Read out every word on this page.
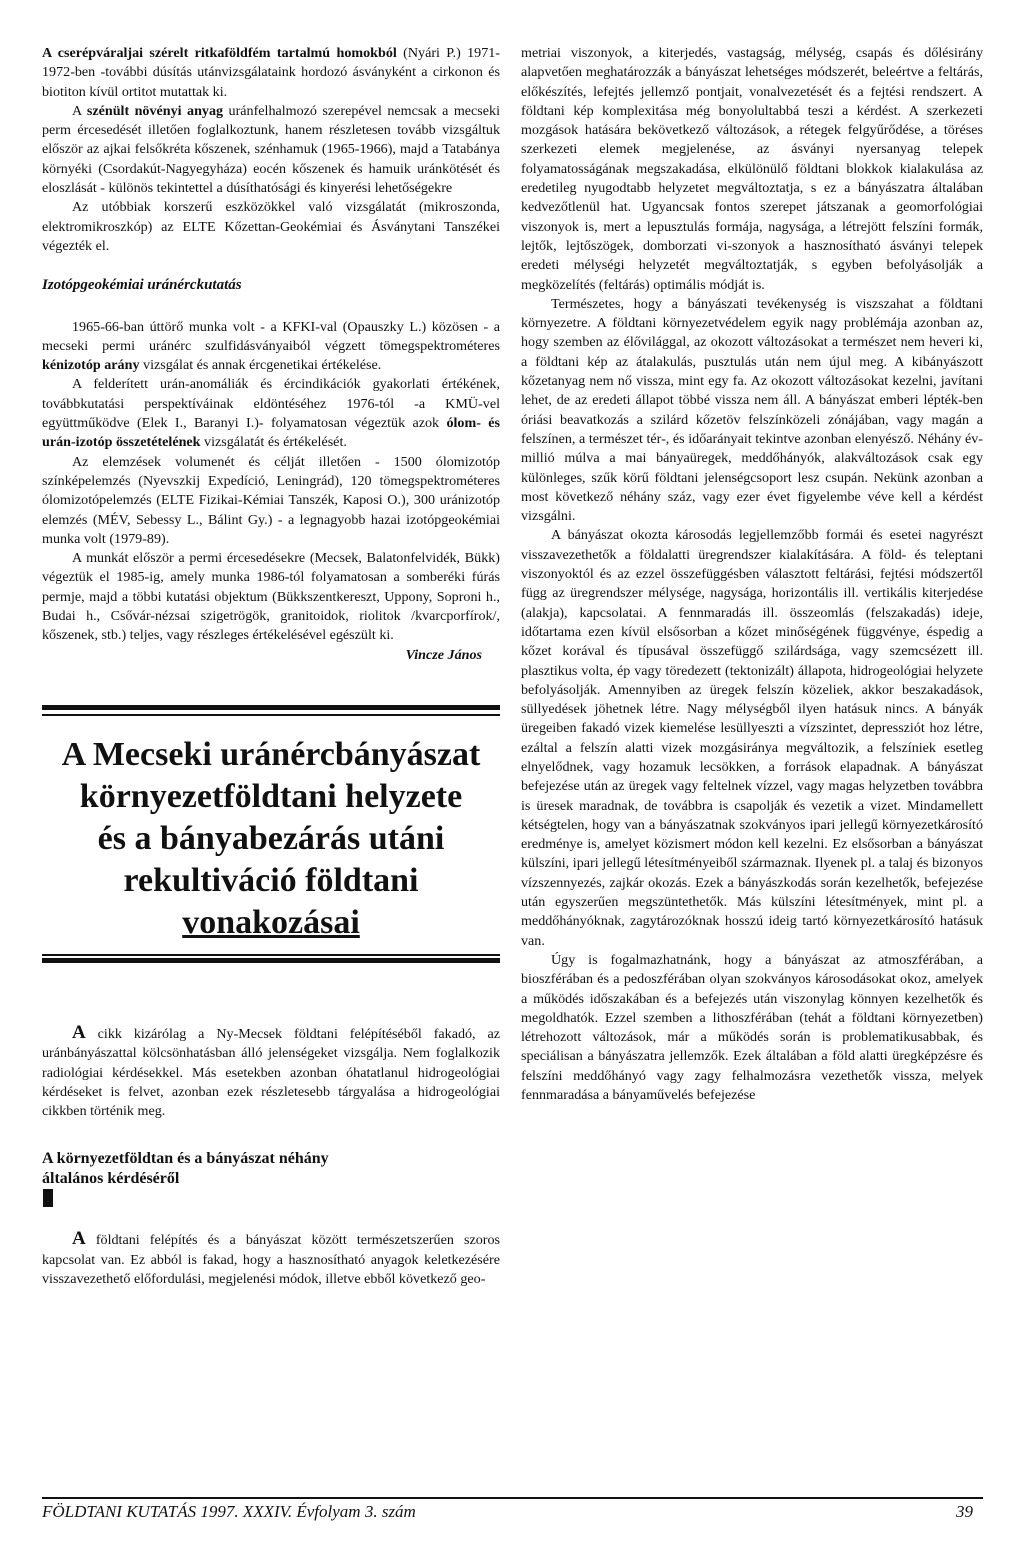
A cserépváraljai szérelt ritkaföldfém tartalmú homokból (Nyári P.) 1971-1972-ben -további dúsítás utánvizsgálataink hordozó ásványként a cirkonon és biotiton kívül ortitot mutattak ki.

A szénült növényi anyag uránfelhalmozó szerepével nemcsak a mecseki perm ércesedését illetően foglalkoztunk, hanem részletesen tovább vizsgáltuk először az ajkai felsőkréta kőszenek, szénhamuk (1965-1966), majd a Tatabánya környéki (Csordakút-Nagyegyháza) eocén kőszenek és hamuik uránkötését és eloszlását - különös tekintettel a dúsíthatósági és kinyerési lehetőségekre

Az utóbbiak korszerű eszközökkel való vizsgálatát (mikroszonda, elektromikroszkóp) az ELTE Kőzettan-Geokémiai és Ásványtani Tanszékei végezték el.

Izotópgeokémiai uránérckutatás

1965-66-ban úttörő munka volt - a KFKI-val (Opauszky L.) közösen - a mecseki permi uránérc szulfidásványaiból végzett tömegspektrométeres kénizotóp arány vizsgálat és annak ércgenetikai értékelése.

A felderített urán-anomáliák és ércindikációk gyakorlati értékének, továbbkutatási perspektíváinak eldöntéséhez 1976-tól -a KMÜ-vel együttműködve (Elek I., Baranyi I.)- folyamatosan végeztük azok ólom- és urán-izotóp összetételének vizsgálatát és értékelését.

Az elemzések volumenét és célját illetően - 1500 ólomizotóp színképelemzés (Nyevszkij Expedíció, Leningrád), 120 tömegspektrométeres ólomizotópelemzés (ELTE Fizikai-Kémiai Tanszék, Kaposi O.), 300 uránizotóp elemzés (MÉV, Sebessy L., Bálint Gy.) - a legnagyobb hazai izotópgeokémiai munka volt (1979-89).

A munkát először a permi ércesedésekre (Mecsek, Balatonfelvidék, Bükk) végeztük el 1985-ig, amely munka 1986-tól folyamatosan a somberéki fúrás permje, majd a többi kutatási objektum (Bükkszentkereszt, Uppony, Soproni h., Budai h., Csővár-nézsai szigetrögök, granitoidok, riolitok /kvarcporfírok/, kőszenek, stb.) teljes, vagy részleges értékelésével egészült ki.

Vincze János

A Mecseki uránércbányászat
környezetföldtani helyzete
és a bányabezárás utáni
rekultiváció földtani
vonakozásai

A cikk kizárólag a Ny-Mecsek földtani felépítéséből fakadó, az uránbányászattal kölcsönhatásban álló jelenségeket vizsgálja. Nem foglalkozik radiológiai kérdésekkel. Más esetekben azonban óhatatlanul hidrogeológiai kérdéseket is felvet, azonban ezek részletesebb tárgyalása a hidrogeológiai cikkben történik meg.

A környezetföldtan és a bányászat néhány
általános kérdéséről

A földtani felépítés és a bányászat között természetszerűen szoros kapcsolat van. Ez abból is fakad, hogy a hasznosítható anyagok keletkezésére visszavezethető előfordulási, megjelenési módok, illetve ebből következő geo-

metriai viszonyok, a kiterjedés, vastagság, mélység, csapás és dőlésirány alapvetően meghatározzák a bányászat lehetséges módszerét, beleértve a feltárás, előkészítés, lefejtés jellemző pontjait, vonalvezetését és a fejtési rendszert. A földtani kép komplexitása még bonyolultabbá teszi a kérdést. A szerkezeti mozgások hatására bekövetkező változások, a rétegek felgyűrődése, a töréses szerkezeti elemek megjelenése, az ásványi nyersanyag telepek folyamatosságának megszakadása, elkülönülő földtani blokkok kialakulása az eredetileg nyugodtabb helyzetet megváltoztatja, s ez a bányászatra általában kedvezőtlenül hat. Ugyancsak fontos szerepet játszanak a geomorfológiai viszonyok is, mert a lepusztulás formája, nagysága, a létrejött felszíni formák, lejtők, lejtőszögek, domborzati vi-szonyok a hasznosítható ásványi telepek eredeti mélységi helyzetét megváltoztatják, s egyben befolyásolják a megközelítés (feltárás) optimális módját is.

Természetes, hogy a bányászati tevékenység is viszszahat a földtani környezetre. A földtani környezetvédelem egyik nagy problémája azonban az, hogy szemben az élővilággal, az okozott változásokat a természet nem heveri ki, a földtani kép az átalakulás, pusztulás után nem újul meg. A kibányászott kőzetanyag nem nő vissza, mint egy fa. Az okozott változásokat kezelni, javítani lehet, de az eredeti állapot többé vissza nem áll. A bányászat emberi lépték-ben óriási beavatkozás a szilárd kőzetöv felszínközeli zónájában, vagy magán a felszínen, a természet tér-, és időarányait tekintve azonban elenyésző. Néhány év-millió múlva a mai bányaüregek, meddőhányók, alakváltozások csak egy különleges, szűk körű földtani jelenségcsoport lesz csupán. Nekünk azonban a most következő néhány száz, vagy ezer évet figyelembe véve kell a kérdést vizsgálni.

A bányászat okozta károsodás legjellemzőbb formái és esetei nagyrészt visszavezethetők a földalatti üregrendszer kialakítására. A föld- és teleptani viszonyoktól és az ezzel összefüggésben választott feltárási, fejtési módszertől függ az üregrendszer mélysége, nagysága, horizontális ill. vertikális kiterjedése (alakja), kapcsolatai. A fennmaradás ill. összeomlás (felszakadás) ideje, időtartama ezen kívül elsősorban a kőzet minőségének függvénye, éspedig a kőzet korával és típusával összefüggő szilárdsága, vagy szemcsézett ill. plasztikus volta, ép vagy töredezett (tektonizált) állapota, hidrogeológiai helyzete befolyásolják. Amennyiben az üregek felszín közeliek, akkor beszakadások, süllyedések jöhetnek létre. Nagy mélységből ilyen hatásuk nincs. A bányák üregeiben fakadó vizek kiemelése lesüllyeszti a vízszintet, depressziót hoz létre, ezáltal a felszín alatti vizek mozgásiránya megváltozik, a felszíniek esetleg elnyelődnek, vagy hozamuk lecsökken, a források elapadnak. A bányászat befejezése után az üregek vagy feltelnek vízzel, vagy magas helyzetben továbbra is üresek maradnak, de továbbra is csapolják és vezetik a vizet. Mindamellett kétségtelen, hogy van a bányászatnak szokványos ipari jellegű környezetkárosító eredménye is, amelyet közismert módon kell kezelni. Ez elsősorban a bányászat külszíni, ipari jellegű létesítményeiből származnak. Ilyenek pl. a talaj és bizonyos vízszennyezés, zajkár okozás. Ezek a bányászkodás során kezelhetők, befejezése után egyszerűen megszüntethetők. Más külszíni létesítmények, mint pl. a meddőhányóknak, zagytározóknak hosszú ideig tartó környezetkárosító hatásuk van.

Úgy is fogalmazhatnánk, hogy a bányászat az atmoszférában, a bioszférában és a pedoszférában olyan szokványos károsodásokat okoz, amelyek a működés időszakában és a befejezés után viszonylag könnyen kezelhetők és megoldhatók. Ezzel szemben a lithoszférában (tehát a földtani környezetben) létrehozott változások, már a működés során is problematikusabbak, és speciálisan a bányászatra jellemzők. Ezek általában a föld alatti üregképzésre és felszíni meddőhányó vagy zagy felhalmozásra vezethetők vissza, melyek fennmaradása a bányaművelés befejezése

FÖLDTANI KUTATÁS 1997. XXXIV. Évfolyam 3. szám	39
